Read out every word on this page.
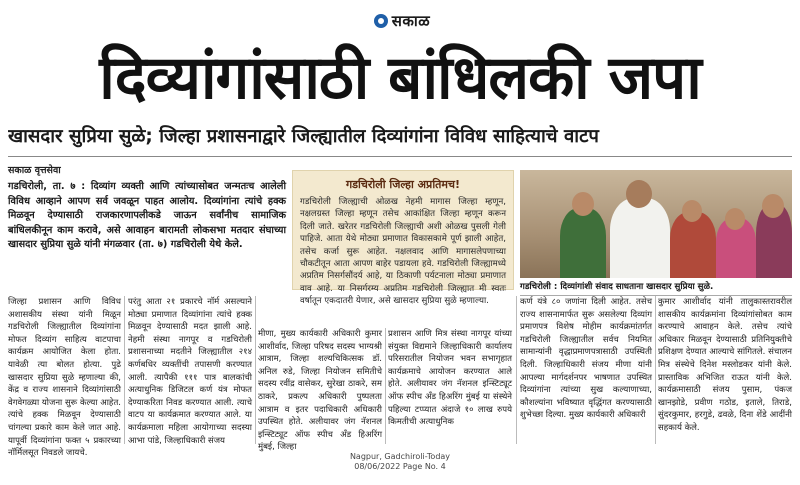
सकाळ
दिव्यांगांसाठी बांधिलकी जपा
खासदार सुप्रिया सुळे; जिल्हा प्रशासनाद्वारे जिल्ह्यातील दिव्यांगांना विविध साहित्याचे वाटप
सकाळ वृत्तसेवा
गडचिरोली, ता. ७ : दिव्यांग व्यक्ती आणि त्यांच्यासोबत जन्मतःच आलेली विविध आव्हाने आपण सर्व जवळून पाहत आलोय. दिव्यांगांना त्यांचे हक्क मिळवून देण्यासाठी राजकारणापलीकडे जाऊन सर्वांनीच सामाजिक बांधिलकीनून काम करावे, असे आवाहन बारामती लोकसभा मतदार संघाच्या खासदार सुप्रिया सुळे यांनी मंगळवार (ता. ७) गडचिरोली येथे केले.
गडचिरोली जिल्हा अप्रतिमच!
गडचिरोली जिल्ह्याची ओळख नेहमी मागास जिल्हा म्हणून, नक्षलग्रस्त जिल्हा म्हणून तसेच आकांक्षित जिल्हा म्हणून करून दिली जाते. खरेतर गडचिरोली जिल्ह्याची अशी ओळख पुसली गेली पाहिजे. आता येथे मोठ्या प्रमाणात विकासकामे पूर्ण झाली आहेत, तसेच कर्जा सुरू आहेत. नक्षलवाद आणि मागासलेपणाच्या चौकटीतून आता आपण बाहेर पडायला हवे. गडचिरोली जिल्ह्यामध्ये अप्रतिम निसर्गसौंदर्य आहे, या ठिकाणी पर्यटनाला मोठ्या प्रमाणात वाव आहे. या निसर्गरम्य अप्रतिम गडचिरोली जिल्ह्यात मी स्वतः वर्षातून एकदातरी येणार, असे खासदार सुप्रिया सुळे म्हणाल्या.
गडचिरोली : दिव्यांगांशी संवाद साधताना खासदार सुप्रिया सुळे.
जिल्हा प्रशासन आणि विविध अशासकीय संस्था यांनी मिळून गडचिरोली जिल्ह्यातील दिव्यांगांना मोफत दिव्यांग साहित्य वाटपाचा कार्यक्रम आयोजित केला होता. यावेळी त्या बोलत होत्या. पुढे खासदार सुप्रिया सुळे म्हणाल्या की, केंद्र व राज्य शासनाने दिव्यांगांसाठी वेगवेगळ्या योजना सुरू केल्या आहेत. त्यांचे हक्क मिळवून देण्यासाठी चांगल्या प्रकारे काम केले जात आहे. यापूर्वी दिव्यांगांना फक्त ५ प्रकारच्या नॉर्मिलसूत निवडले जायचे.
परंतु आता २१ प्रकारचे नॉर्म असल्याने मोठ्या प्रमाणात दिव्यांगांना त्यांचे हक्क मिळवून देण्यासाठी मदत झाली आहे. नेहमी संस्था नागपूर व गडचिरोली प्रशासनाच्या मदतीने जिल्ह्यातील २१४ कर्णबधिर व्यक्तींची तपासणी करण्यात आली. त्यापैकी १११ पात्र बालकांची अत्याधुनिक डिजिटल कर्ण यंत्र मोफत देण्याकरिता निवड करण्यात आली. त्याचे वाटप या कार्यक्रमात करण्यात आले. या कार्यक्रमाला महिला आयोगाच्या सदस्या आभा पांडे, जिल्हाधिकारी संजय
मीणा, मुख्य कार्यकारी अधिकारी कुमार आशीर्वाद, जिल्हा परिषद सदस्य भाग्यश्री आत्राम, जिल्हा शल्यचिकित्सक डॉ. अनिल रुडे, जिल्हा नियोजन समितीचे सदस्य रवींद्र वासेकर, सुरेखा ठाकरे, सम ठाकरे, प्रकल्प अधिकारी पुष्पलता आत्राम व इतर पदाधिकारी अधिकारी उपस्थित होते. अलीयावर जंग नॅशनल इन्स्टिट्यूट ऑफ स्पीच अँड हिअरिंग मुंबई, जिल्हा
प्रशासन आणि मित्र संस्था नागपूर यांच्या संयुक्त विद्यमाने जिल्हाधिकारी कार्यालय परिसरातील नियोजन भवन सभागृहात कार्यक्रमाचे आयोजन करण्यात आले होते. अलीयावर जंग नॅशनल इन्स्टिट्यूट ऑफ स्पीच अँड हिअरिंग मुंबई या संस्थेने पहिल्या टप्प्यात अंदाजे १० लाख रुपये किमतीची अत्याधुनिक
कर्ण यंत्रे ८० जणांना दिली आहेत. तसेच राज्य शासनामार्फत सुरू असलेल्या दिव्यांग प्रमाणपत्र विशेष मोहीम कार्यक्रमांतर्गत गडचिरोली जिल्ह्यातील सर्वच नियमित सामान्यांनी वृद्धाप्रमाणपत्रासाठी उपस्थिती दिली. जिल्हाधिकारी संजय मीणा यांनी आपल्या मार्गदर्शनपर भाषणात उपस्थित दिव्यांगांना त्यांच्या सुख कल्याणाच्या, कौशल्यांना भविष्यात वृद्धिंगत करण्यासाठी शुभेच्छा दिल्या. मुख्य कार्यकारी अधिकारी
कुमार आशीर्वाद यांनी तालुकास्तरावरील शासकीय कार्यक्रमांना दिव्यांगांसोबत काम करण्याचे आवाहन केले. तसेच त्यांचे अधिकार मिळवून देण्यासाठी प्रतिनियुक्तीचे प्रशिक्षण देण्यात आल्याचे सांगितले. संचालन मित्र संस्थेचे दिनेश मस्लोडकर यांनी केले. प्रास्ताविक अभिजित राऊत यांनी केले. कार्यक्रमासाठी संजय पुसाम, पंकज खानझोडे, प्रवीण गठोड, इताले, तिराडे, सुंदरकुमार, हरगुडे, ढवळे, दिना शेंडे आदींनी सहकार्य केले.
Nagpur, Gadchiroli-Today
08/06/2022 Page No. 4
